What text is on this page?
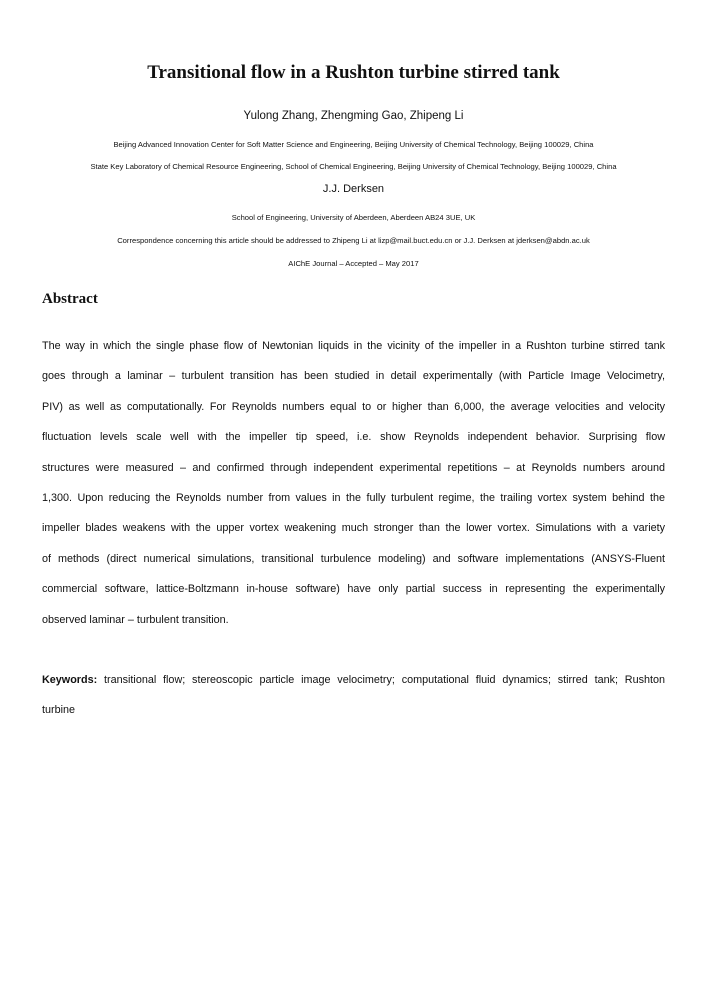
Transitional flow in a Rushton turbine stirred tank
Yulong Zhang, Zhengming Gao, Zhipeng Li
Beijing Advanced Innovation Center for Soft Matter Science and Engineering, Beijing University of Chemical Technology, Beijing 100029, China
State Key Laboratory of Chemical Resource Engineering, School of Chemical Engineering, Beijing University of Chemical Technology, Beijing 100029, China
J.J. Derksen
School of Engineering, University of Aberdeen, Aberdeen AB24 3UE, UK
Correspondence concerning this article should be addressed to Zhipeng Li at lizp@mail.buct.edu.cn or J.J. Derksen at jderksen@abdn.ac.uk
AIChE Journal – Accepted – May 2017
Abstract
The way in which the single phase flow of Newtonian liquids in the vicinity of the impeller in a Rushton turbine stirred tank
goes through a laminar – turbulent transition has been studied in detail experimentally (with Particle Image Velocimetry,
PIV) as well as computationally. For Reynolds numbers equal to or higher than 6,000, the average velocities and velocity
fluctuation levels scale well with the impeller tip speed, i.e. show Reynolds independent behavior. Surprising flow
structures were measured – and confirmed through independent experimental repetitions – at Reynolds numbers around
1,300. Upon reducing the Reynolds number from values in the fully turbulent regime, the trailing vortex system behind the
impeller blades weakens with the upper vortex weakening much stronger than the lower vortex. Simulations with a variety
of methods (direct numerical simulations, transitional turbulence modeling) and software implementations (ANSYS-Fluent
commercial software, lattice-Boltzmann in-house software) have only partial success in representing the experimentally
observed laminar – turbulent transition.
Keywords: transitional flow; stereoscopic particle image velocimetry; computational fluid dynamics; stirred tank; Rushton
turbine
